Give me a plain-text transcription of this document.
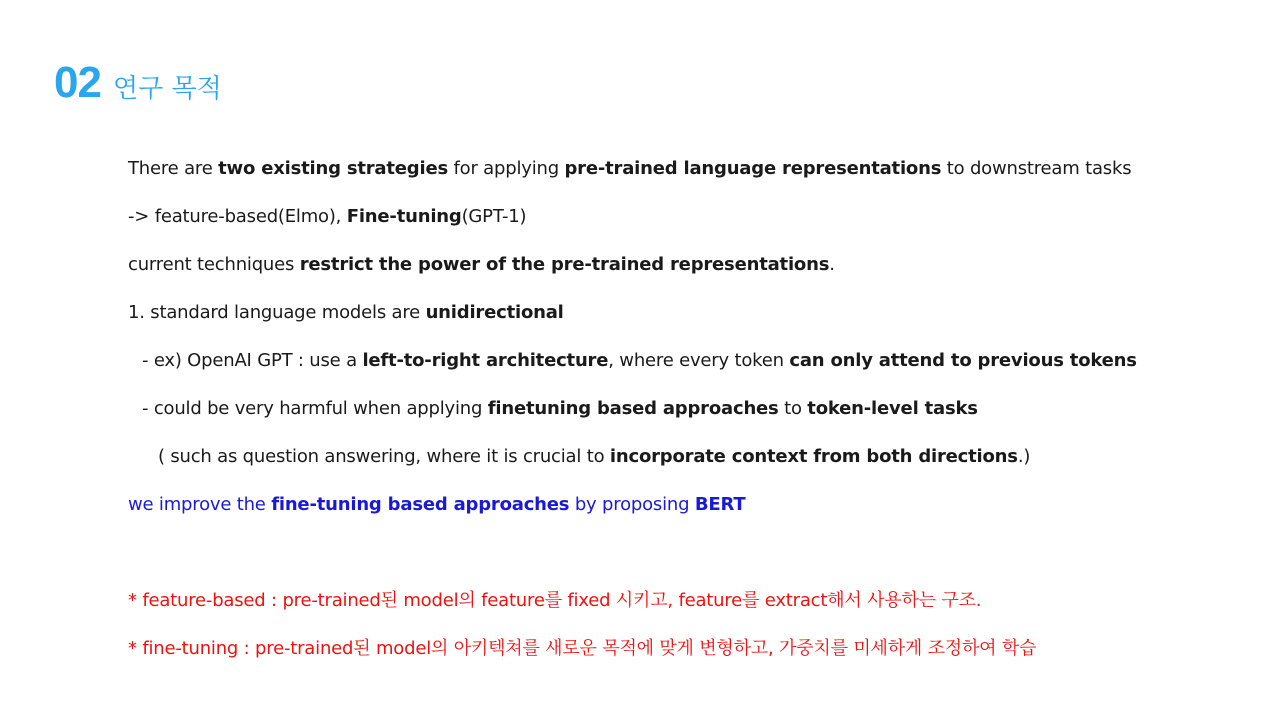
02 연구 목적
There are two existing strategies for applying pre-trained language representations to downstream tasks
-> feature-based(Elmo), Fine-tuning(GPT-1)
current techniques restrict the power of the pre-trained representations.
1. standard language models are unidirectional
- ex) OpenAI GPT : use a left-to-right architecture, where every token can only attend to previous tokens
- could be very harmful when applying finetuning based approaches to token-level tasks
( such as question answering, where it is crucial to incorporate context from both directions.)
we improve the fine-tuning based approaches by proposing BERT
* feature-based : pre-trained된 model의 feature를 fixed 시키고, feature를 extract해서 사용하는 구조.
* fine-tuning : pre-trained된 model의 아키텍쳐를 새로운 목적에 맞게 변형하고, 가중치를 미세하게 조정하여 학습
